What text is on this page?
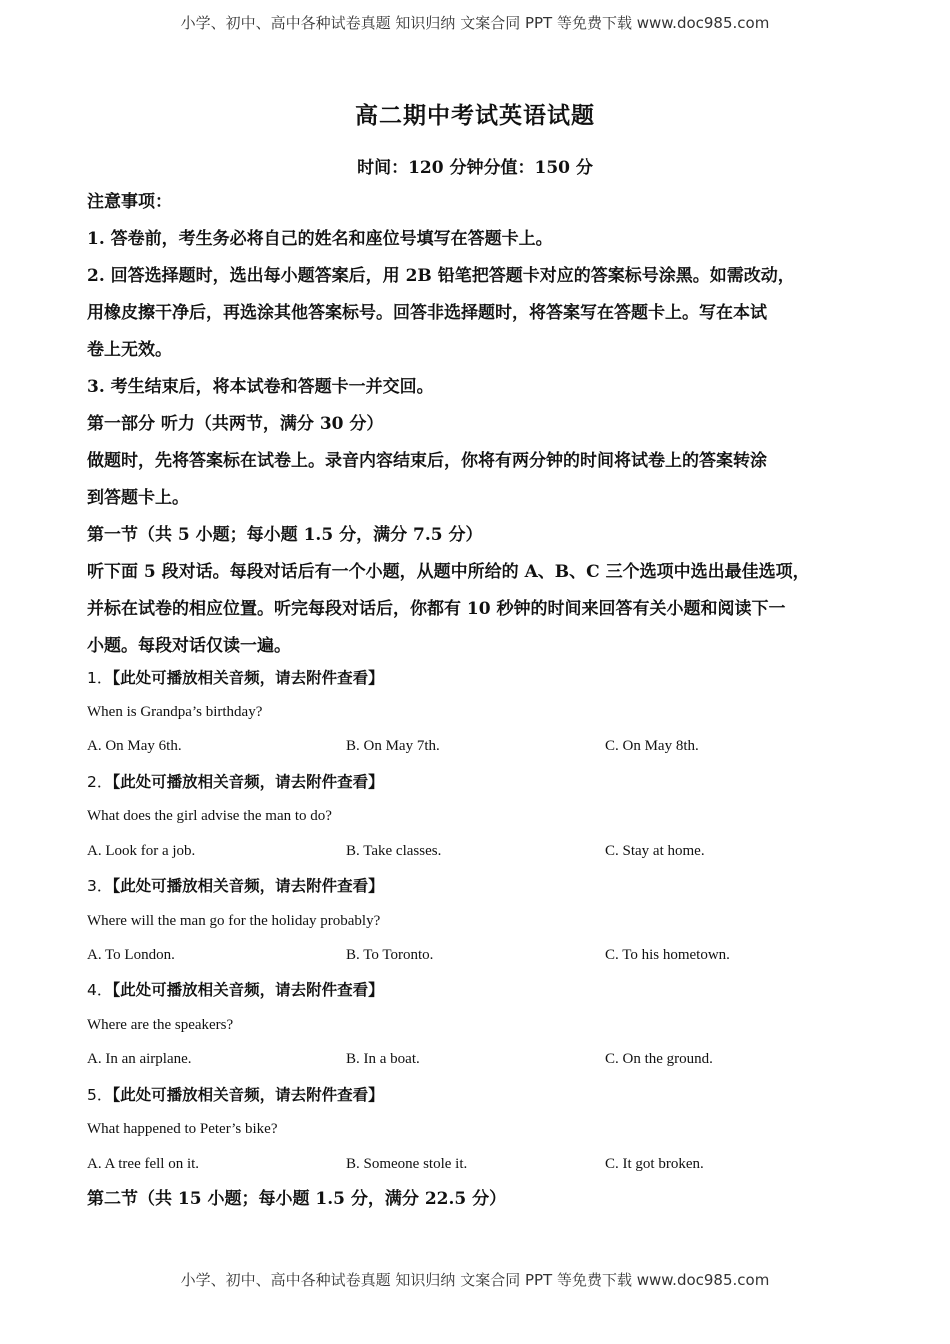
小学、初中、高中各种试卷真题 知识归纳 文案合同 PPT 等免费下载 www.doc985.com
高二期中考试英语试题
时间：120 分钟分值：150 分
注意事项：
1. 答卷前，考生务必将自己的姓名和座位号填写在答题卡上。
2. 回答选择题时，选出每小题答案后，用 2B 铅笔把答题卡对应的答案标号涂黑。如需改动，
用橡皮擦干净后，再选涂其他答案标号。回答非选择题时，将答案写在答题卡上。写在本试
卷上无效。
3. 考生结束后，将本试卷和答题卡一并交回。
第一部分 听力（共两节，满分 30 分）
做题时，先将答案标在试卷上。录音内容结束后，你将有两分钟的时间将试卷上的答案转涂
到答题卡上。
第一节（共 5 小题；每小题 1.5 分，满分 7.5 分）
听下面 5 段对话。每段对话后有一个小题，从题中所给的 A、B、C 三个选项中选出最佳选项，
并标在试卷的相应位置。听完每段对话后，你都有 10 秒钟的时间来回答有关小题和阅读下一
小题。每段对话仅读一遍。
1．【此处可播放相关音频，请去附件查看】
When is Grandpa’s birthday?
A. On May 6th.	B. On May 7th.	C. On May 8th.
2．【此处可播放相关音频，请去附件查看】
What does the girl advise the man to do?
A. Look for a job.	B. Take classes.	C. Stay at home.
3．【此处可播放相关音频，请去附件查看】
Where will the man go for the holiday probably?
A. To London.	B. To Toronto.	C. To his hometown.
4．【此处可播放相关音频，请去附件查看】
Where are the speakers?
A. In an airplane.	B. In a boat.	C. On the ground.
5．【此处可播放相关音频，请去附件查看】
What happened to Peter’s bike?
A. A tree fell on it.	B. Someone stole it.	C. It got broken.
第二节（共 15 小题；每小题 1.5 分，满分 22.5 分）
小学、初中、高中各种试卷真题 知识归纳 文案合同 PPT 等免费下载 www.doc985.com
